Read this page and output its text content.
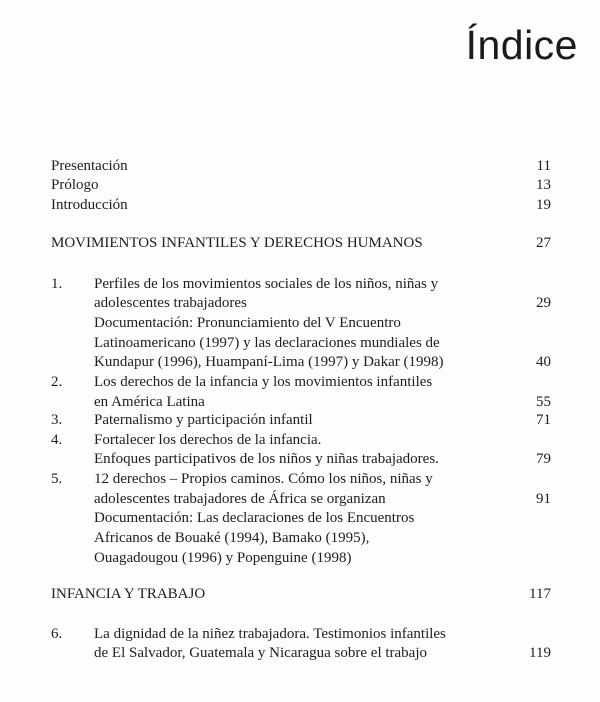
Índice
Presentación	11
Prólogo	13
Introducción	19
MOVIMIENTOS INFANTILES Y DERECHOS HUMANOS	27
1. Perfiles de los movimientos sociales de los niños, niñas y
adolescentes trabajadores	29
Documentación: Pronunciamiento del V Encuentro
Latinoamericano (1997) y las declaraciones mundiales de
Kundapur (1996), Huampaní-Lima (1997) y Dakar (1998)	40
2. Los derechos de la infancia y los movimientos infantiles
en América Latina	55
3. Paternalismo y participación infantil	71
4. Fortalecer los derechos de la infancia.
Enfoques participativos de los niños y niñas trabajadores.	79
5. 12 derechos – Propios caminos. Cómo los niños, niñas y
adolescentes trabajadores de África se organizan	91
Documentación: Las declaraciones de los Encuentros
Africanos de Bouaké (1994), Bamako (1995),
Ouagadougou (1996) y Popenguine (1998)
INFANCIA Y TRABAJO	117
6. La dignidad de la niñez trabajadora. Testimonios infantiles
de El Salvador, Guatemala y Nicaragua sobre el trabajo	119
